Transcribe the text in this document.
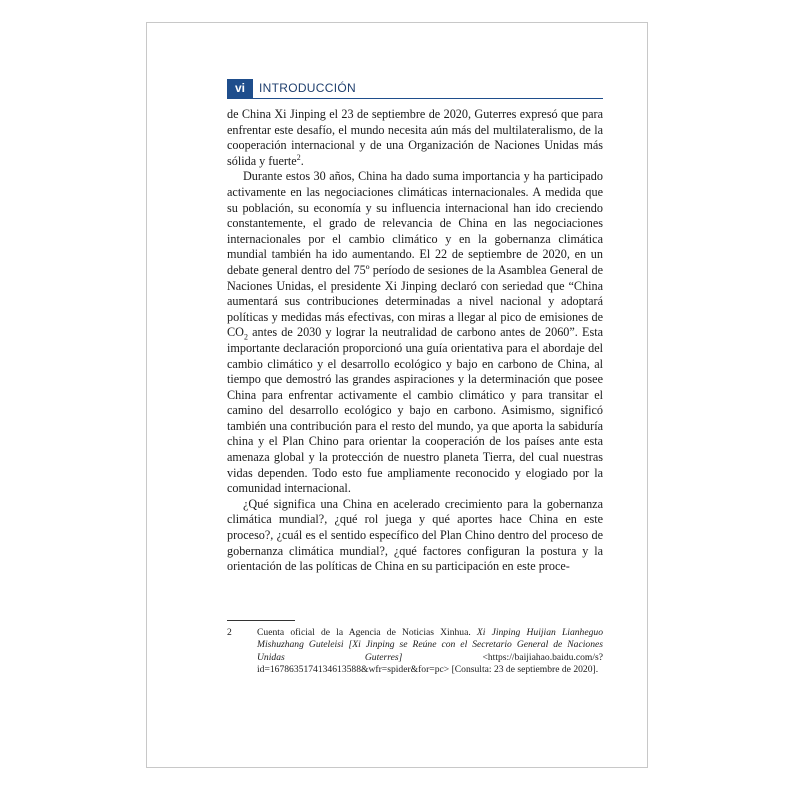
vi	INTRODUCCIÓN

de China Xi Jinping el 23 de septiembre de 2020, Guterres expresó que para enfrentar este desafío, el mundo necesita aún más del multilateralismo, de la cooperación internacional y de una Organización de Naciones Unidas más sólida y fuerte$^2$.

Durante estos 30 años, China ha dado suma importancia y ha participado activamente en las negociaciones climáticas internacionales. A medida que su población, su economía y su influencia internacional han ido creciendo constantemente, el grado de relevancia de China en las negociaciones internacionales por el cambio climático y en la gobernanza climática mundial también ha ido aumentando. El 22 de septiembre de 2020, en un debate general dentro del 75º período de sesiones de la Asamblea General de Naciones Unidas, el presidente Xi Jinping declaró con seriedad que “China aumentará sus contribuciones determinadas a nivel nacional y adoptará políticas y medidas más efectivas, con miras a llegar al pico de emisiones de $CO_2$ antes de 2030 y lograr la neutralidad de carbono antes de 2060”. Esta importante declaración proporcionó una guía orientativa para el abordaje del cambio climático y el desarrollo ecológico y bajo en carbono de China, al tiempo que demostró las grandes aspiraciones y la determinación que posee China para enfrentar activamente el cambio climático y para transitar el camino del desarrollo ecológico y bajo en carbono. Asimismo, significó también una contribución para el resto del mundo, ya que aporta la sabiduría china y el Plan Chino para orientar la cooperación de los países ante esta amenaza global y la protección de nuestro planeta Tierra, del cual nuestras vidas dependen. Todo esto fue ampliamente reconocido y elogiado por la comunidad internacional.

¿Qué significa una China en acelerado crecimiento para la gobernanza climática mundial?, ¿qué rol juega y qué aportes hace China en este proceso?, ¿cuál es el sentido específico del Plan Chino dentro del proceso de gobernanza climática mundial?, ¿qué factores configuran la postura y la orientación de las políticas de China en su participación en este proce-

2	Cuenta oficial de la Agencia de Noticias Xinhua. Xi Jinping Huijian Lianheguo Mishuzhang Guteleisi [Xi Jinping se Reúne con el Secretario General de Naciones Unidas Guterres] <https://baijiahao.baidu.com/s?id=1678635174134613588&wfr=spider&for=pc> [Consulta: 23 de septiembre de 2020].
